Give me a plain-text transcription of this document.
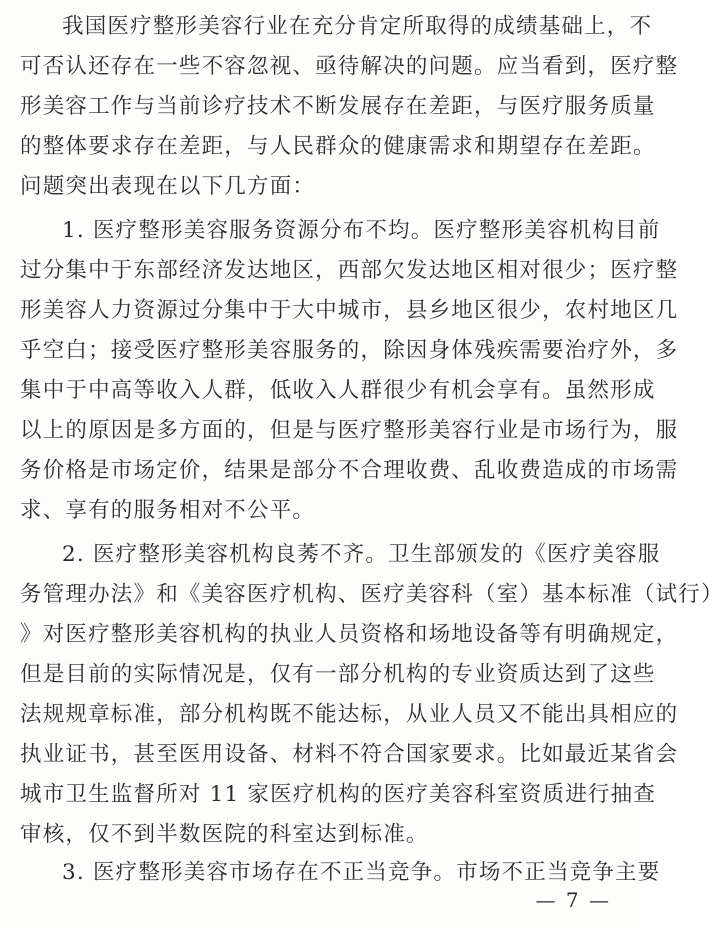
我国医疗整形美容行业在充分肯定所取得的成绩基础上，不
可否认还存在一些不容忽视、亟待解决的问题。应当看到，医疗整
形美容工作与当前诊疗技术不断发展存在差距，与医疗服务质量
的整体要求存在差距，与人民群众的健康需求和期望存在差距。
问题突出表现在以下几方面：
1. 医疗整形美容服务资源分布不均。医疗整形美容机构目前
过分集中于东部经济发达地区，西部欠发达地区相对很少；医疗整
形美容人力资源过分集中于大中城市，县乡地区很少，农村地区几
乎空白；接受医疗整形美容服务的，除因身体残疾需要治疗外，多
集中于中高等收入人群，低收入人群很少有机会享有。虽然形成
以上的原因是多方面的，但是与医疗整形美容行业是市场行为，服
务价格是市场定价，结果是部分不合理收费、乱收费造成的市场需
求、享有的服务相对不公平。
2. 医疗整形美容机构良莠不齐。卫生部颁发的《医疗美容服
务管理办法》和《美容医疗机构、医疗美容科（室）基本标准（试行）
》对医疗整形美容机构的执业人员资格和场地设备等有明确规定，
但是目前的实际情况是，仅有一部分机构的专业资质达到了这些
法规规章标准，部分机构既不能达标，从业人员又不能出具相应的
执业证书，甚至医用设备、材料不符合国家要求。比如最近某省会
城市卫生监督所对 11 家医疗机构的医疗美容科室资质进行抽查
审核，仅不到半数医院的科室达到标准。
3. 医疗整形美容市场存在不正当竞争。市场不正当竞争主要
— 7 —
